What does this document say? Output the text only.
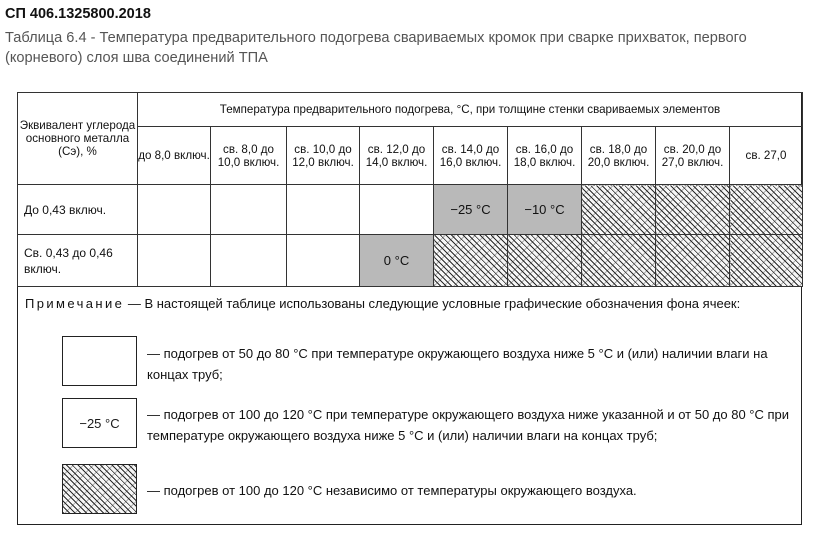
СП 406.1325800.2018
Таблица 6.4 - Температура предварительного подогрева свариваемых кромок при сварке прихваток, первого (корневого) слоя шва соединений ТПА
Эквивалент углерода основного металла (Cэ), %	Температура предварительного подогрева, °С, при толщине стенки свариваемых элементов								
	до 8,0 включ.	св. 8,0 до 10,0 включ.	св. 10,0 до 12,0 включ.	св. 12,0 до 14,0 включ.	св. 14,0 до 16,0 включ.	св. 16,0 до 18,0 включ.	св. 18,0 до 20,0 включ.	св. 20,0 до 27,0 включ.	св. 27,0
До 0,43 включ.					−25 °С	−10 °С			
Св. 0,43 до 0,46 включ.				0 °С					
Примечание — В настоящей таблице использованы следующие условные графические обозначения фона ячеек:
— подогрев от 50 до 80 °С при температуре окружающего воздуха ниже 5 °С и (или) наличии влаги на концах труб;
−25 °С
— подогрев от 100 до 120 °С при температуре окружающего воздуха ниже указанной и от 50 до 80 °С при температуре окружающего воздуха ниже 5 °С и (или) наличии влаги на концах труб;
— подогрев от 100 до 120 °С независимо от температуры окружающего воздуха.
